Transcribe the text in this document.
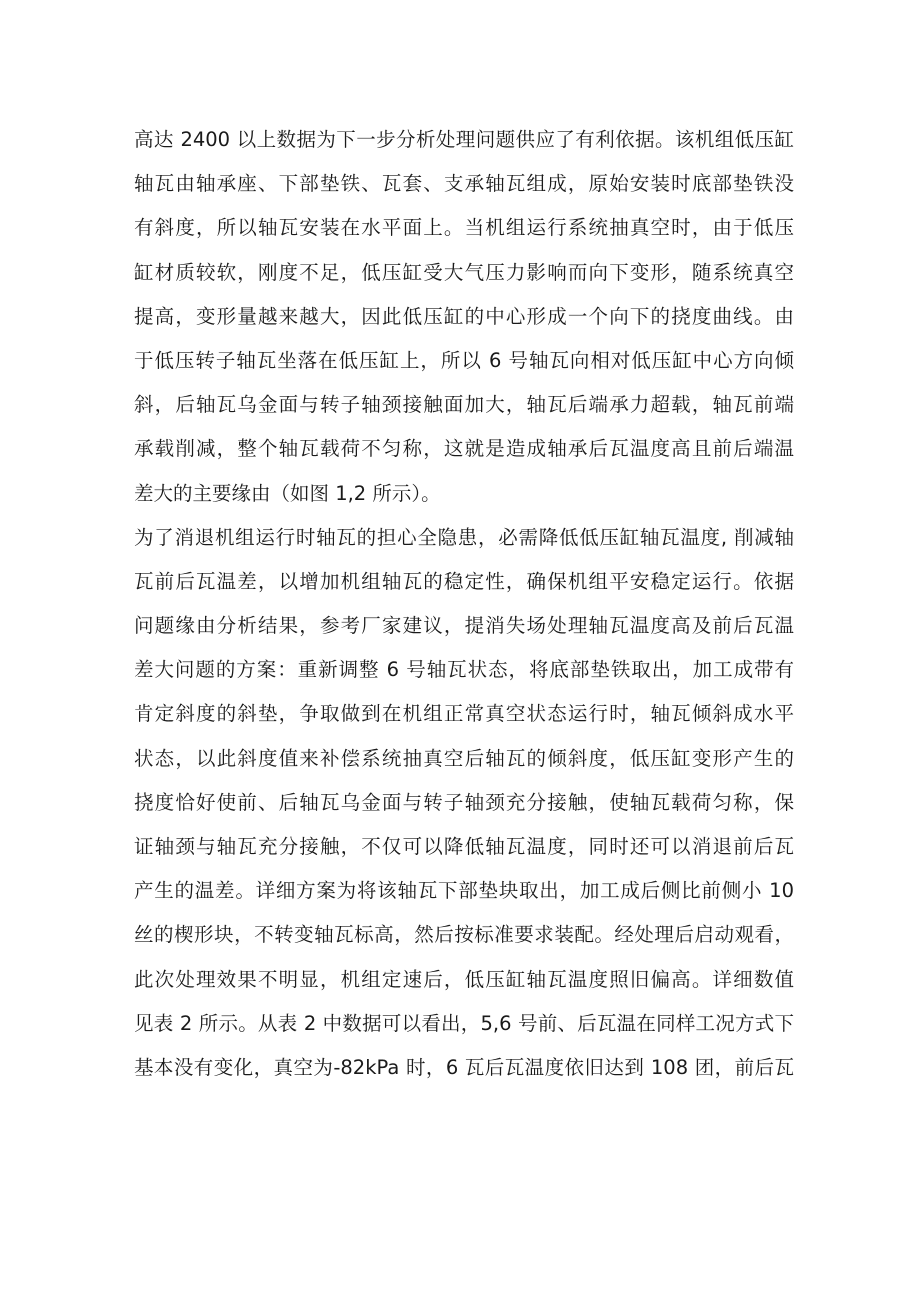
高达 2400 以上数据为下一步分析处理问题供应了有利依据。该机组低压缸
轴瓦由轴承座、下部垫铁、瓦套、支承轴瓦组成，原始安装时底部垫铁没
有斜度，所以轴瓦安装在水平面上。当机组运行系统抽真空时，由于低压
缸材质较软，刚度不足，低压缸受大气压力影响而向下变形，随系统真空
提高，变形量越来越大，因此低压缸的中心形成一个向下的挠度曲线。由
于低压转子轴瓦坐落在低压缸上，所以 6 号轴瓦向相对低压缸中心方向倾
斜，后轴瓦乌金面与转子轴颈接触面加大，轴瓦后端承力超载，轴瓦前端
承载削减，整个轴瓦载荷不匀称，这就是造成轴承后瓦温度高且前后端温
差大的主要缘由（如图 1,2 所示）。
为了消退机组运行时轴瓦的担心全隐患，必需降低低压缸轴瓦温度, 削减轴
瓦前后瓦温差，以增加机组轴瓦的稳定性，确保机组平安稳定运行。依据
问题缘由分析结果，参考厂家建议，提消失场处理轴瓦温度高及前后瓦温
差大问题的方案：重新调整 6 号轴瓦状态，将底部垫铁取出，加工成带有
肯定斜度的斜垫，争取做到在机组正常真空状态运行时，轴瓦倾斜成水平
状态，以此斜度值来补偿系统抽真空后轴瓦的倾斜度，低压缸变形产生的
挠度恰好使前、后轴瓦乌金面与转子轴颈充分接触，使轴瓦载荷匀称，保
证轴颈与轴瓦充分接触，不仅可以降低轴瓦温度，同时还可以消退前后瓦
产生的温差。详细方案为将该轴瓦下部垫块取出，加工成后侧比前侧小 10
丝的楔形块，不转变轴瓦标高，然后按标准要求装配。经处理后启动观看，
此次处理效果不明显，机组定速后，低压缸轴瓦温度照旧偏高。详细数值
见表 2 所示。从表 2 中数据可以看出，5,6 号前、后瓦温在同样工况方式下
基本没有变化，真空为-82kPa 时，6 瓦后瓦温度依旧达到 108 团，前后瓦
